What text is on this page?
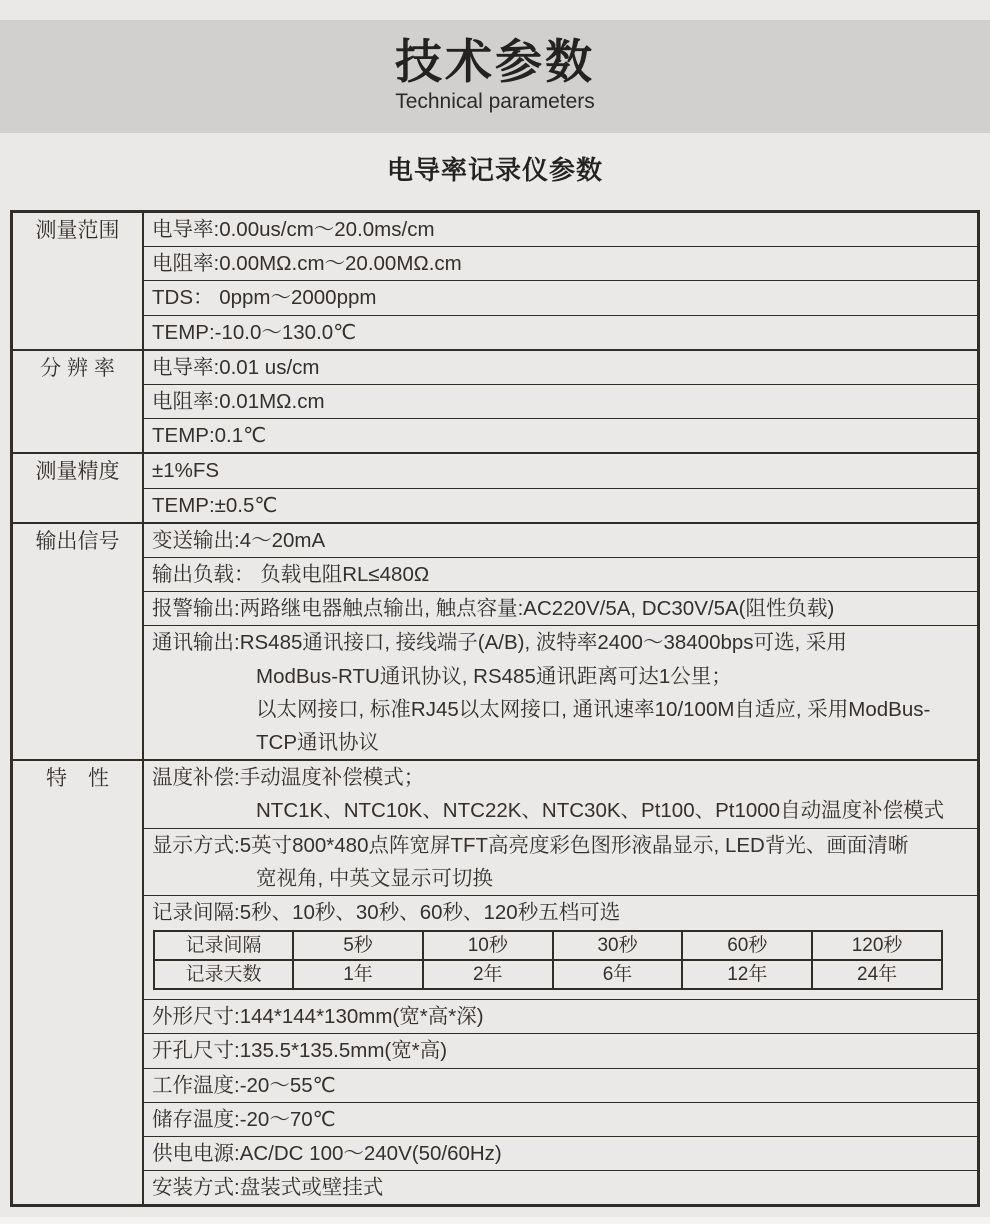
技术参数
Technical parameters
电导率记录仪参数
测量范围	电导率:0.00us/cm～20.0ms/cm
电阻率:0.00MΩ.cm～20.00MΩ.cm
TDS： 0ppm～2000ppm
TEMP:-10.0～130.0℃
分 辨 率	电导率:0.01 us/cm
电阻率:0.01MΩ.cm
TEMP:0.1℃
测量精度	±1%FS
TEMP:±0.5℃
输出信号	变送输出:4～20mA
输出负载： 负载电阻RL≤480Ω
报警输出:两路继电器触点输出, 触点容量:AC220V/5A, DC30V/5A(阻性负载)
通讯输出:RS485通讯接口, 接线端子(A/B), 波特率2400～38400bps可选, 采用
ModBus-RTU通讯协议, RS485通讯距离可达1公里；
以太网接口, 标准RJ45以太网接口, 通讯速率10/100M自适应, 采用ModBus-
TCP通讯协议
特　性	温度补偿:手动温度补偿模式；
NTC1K、NTC10K、NTC22K、NTC30K、Pt100、Pt1000自动温度补偿模式
显示方式:5英寸800*480点阵宽屏TFT高亮度彩色图形液晶显示, LED背光、画面清晰
宽视角, 中英文显示可切换
记录间隔:5秒、10秒、30秒、60秒、120秒五档可选
记录间隔	5秒	10秒	30秒	60秒	120秒
记录天数	1年	2年	6年	12年	24年
外形尺寸:144*144*130mm(宽*高*深)
开孔尺寸:135.5*135.5mm(宽*高)
工作温度:-20～55℃
储存温度:-20～70℃
供电电源:AC/DC 100～240V(50/60Hz)
安装方式:盘装式或壁挂式
